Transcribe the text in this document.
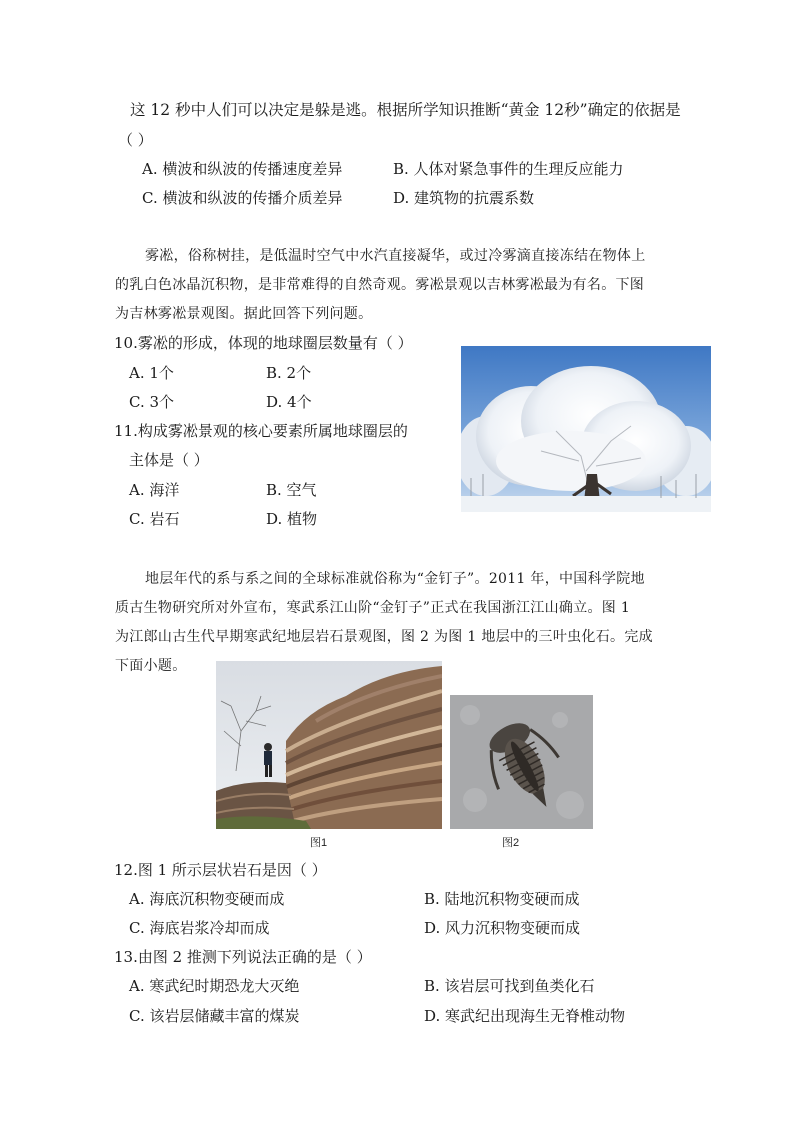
这 12 秒中人们可以决定是躲是逃。根据所学知识推断“黄金 12秒”确定的依据是
（ ）
A. 横波和纵波的传播速度差异	B. 人体对紧急事件的生理反应能力
C. 横波和纵波的传播介质差异	D. 建筑物的抗震系数
雾凇，俗称树挂，是低温时空气中水汽直接凝华，或过冷雾滴直接冻结在物体上
的乳白色冰晶沉积物，是非常难得的自然奇观。雾凇景观以吉林雾凇最为有名。下图
为吉林雾凇景观图。据此回答下列问题。
10.雾凇的形成，体现的地球圈层数量有（ ）
A. 1个	B. 2个
C. 3个	D. 4个
11.构成雾凇景观的核心要素所属地球圈层的
主体是（ ）
A. 海洋	B. 空气
C. 岩石	D. 植物
地层年代的系与系之间的全球标准就俗称为“金钉子”。2011 年，中国科学院地
质古生物研究所对外宣布，寒武系江山阶“金钉子”正式在我国浙江江山确立。图 1
为江郎山古生代早期寒武纪地层岩石景观图，图 2 为图 1 地层中的三叶虫化石。完成
下面小题。
图1	图2
12.图 1 所示层状岩石是因（ ）
A. 海底沉积物变硬而成	B. 陆地沉积物变硬而成
C. 海底岩浆冷却而成	D. 风力沉积物变硬而成
13.由图 2 推测下列说法正确的是（ ）
A. 寒武纪时期恐龙大灭绝	B. 该岩层可找到鱼类化石
C. 该岩层储藏丰富的煤炭	D. 寒武纪出现海生无脊椎动物
